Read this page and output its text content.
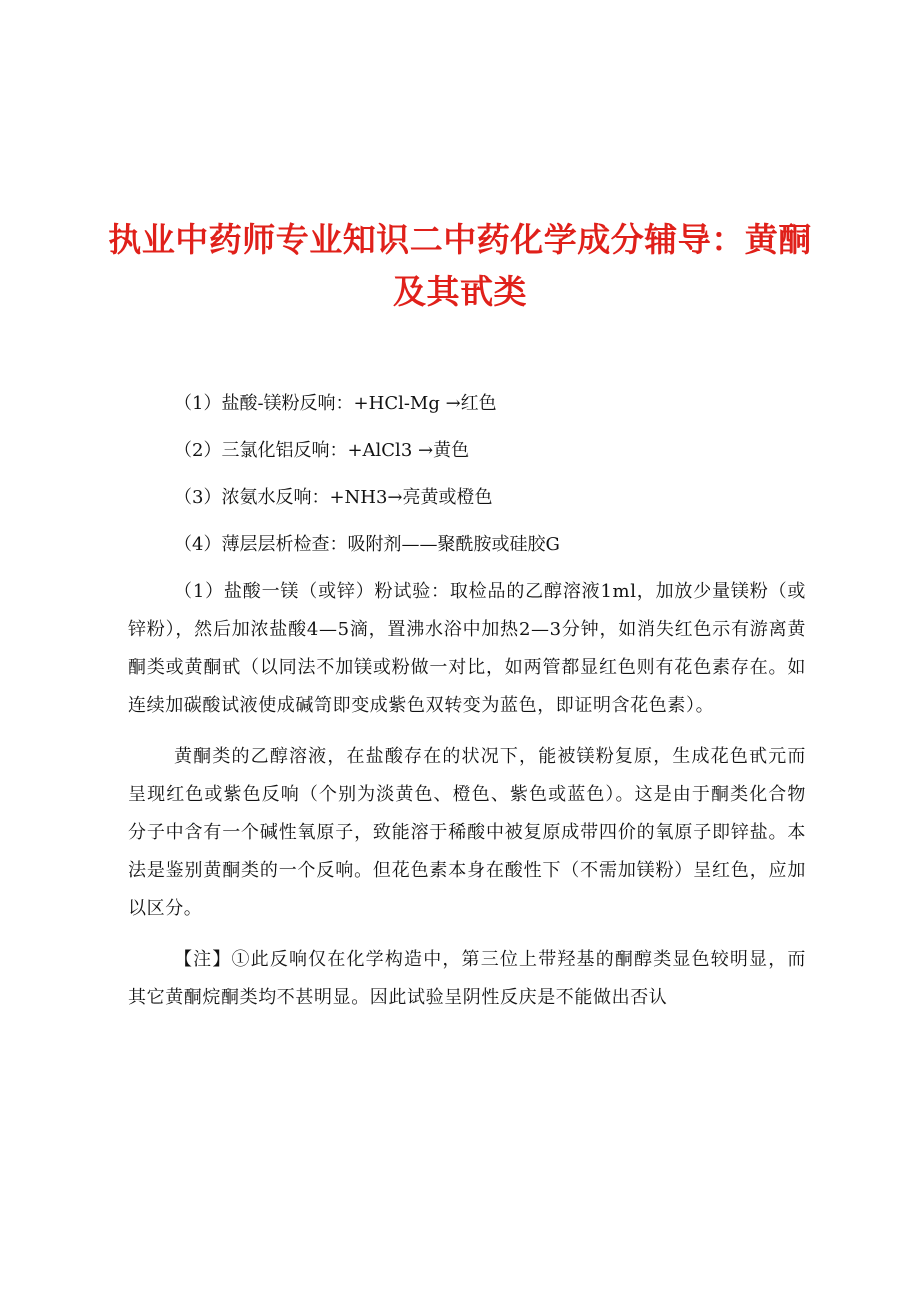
执业中药师专业知识二中药化学成分辅导：黄酮及其甙类

（1）盐酸-镁粉反响：+HCl-Mg →红色

（2）三氯化铝反响：+AlCl3 →黄色

（3）浓氨水反响：+NH3→亮黄或橙色

（4）薄层层析检查：吸附剂——聚酰胺或硅胶G

（1）盐酸一镁（或锌）粉试验：取检品的乙醇溶液1ml，加放少量镁粉（或锌粉），然后加浓盐酸4—5滴，置沸水浴中加热2—3分钟，如消失红色示有游离黄酮类或黄酮甙（以同法不加镁或粉做一对比，如两管都显红色则有花色素存在。如连续加碳酸试液使成碱笥即变成紫色双转变为蓝色，即证明含花色素）。

黄酮类的乙醇溶液，在盐酸存在的状况下，能被镁粉复原，生成花色甙元而呈现红色或紫色反响（个别为淡黄色、橙色、紫色或蓝色）。这是由于酮类化合物分子中含有一个碱性氧原子，致能溶于稀酸中被复原成带四价的氧原子即锌盐。本法是鉴别黄酮类的一个反响。但花色素本身在酸性下（不需加镁粉）呈红色，应加以区分。

【注】①此反响仅在化学构造中，第三位上带羟基的酮醇类显色较明显，而其它黄酮烷酮类均不甚明显。因此试验呈阴性反庆是不能做出否认
